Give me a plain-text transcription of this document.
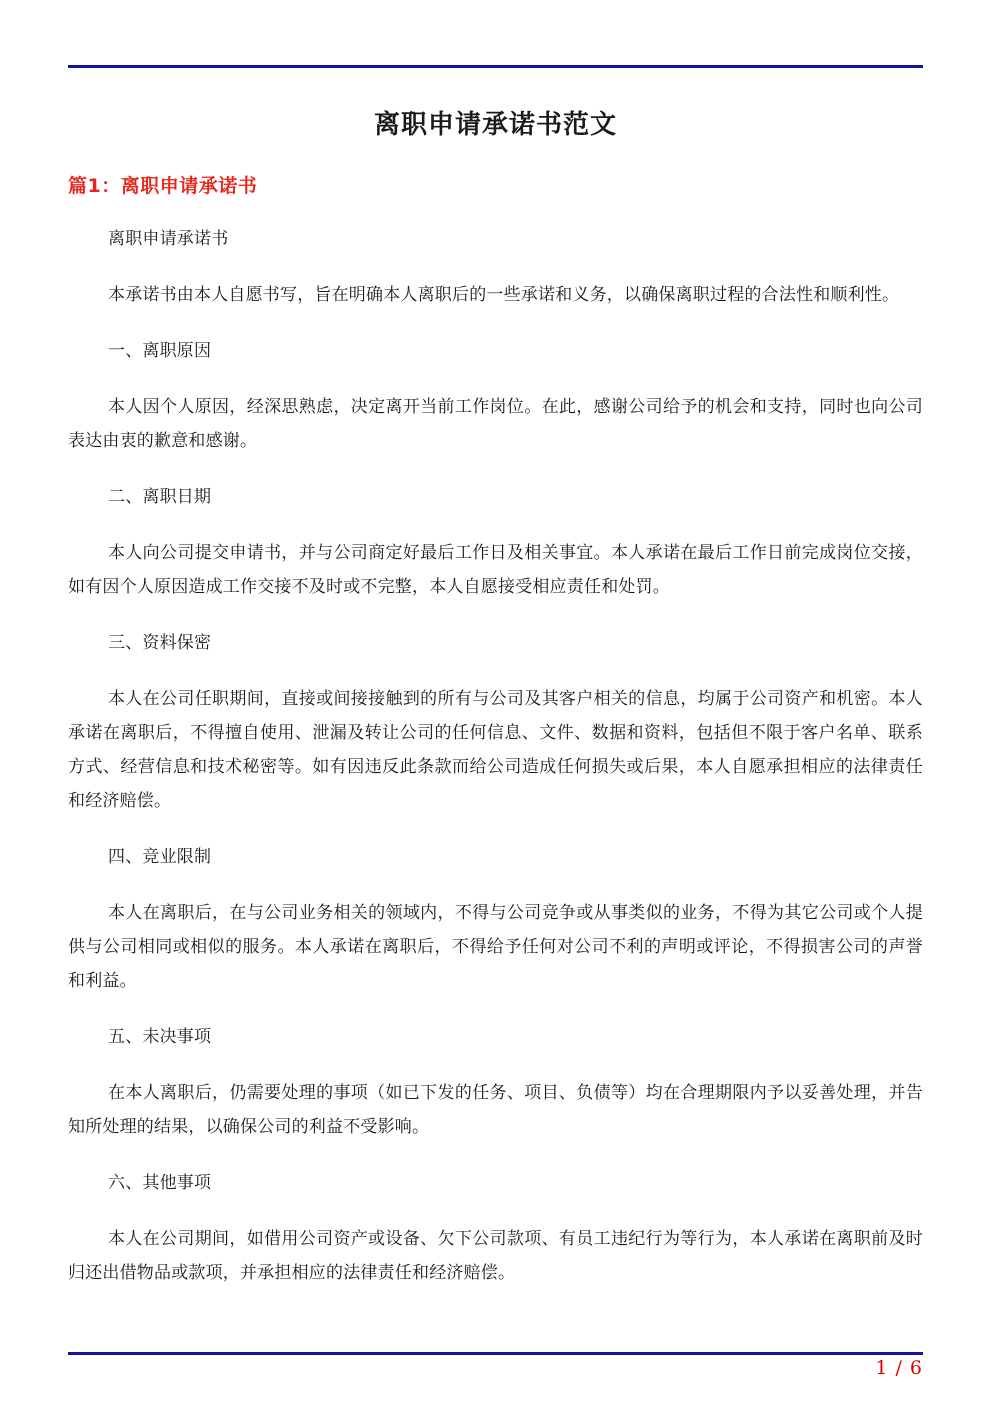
离职申请承诺书范文
篇1：离职申请承诺书

离职申请承诺书

本承诺书由本人自愿书写，旨在明确本人离职后的一些承诺和义务，以确保离职过程的合法性和顺利性。

一、离职原因

本人因个人原因，经深思熟虑，决定离开当前工作岗位。在此，感谢公司给予的机会和支持，同时也向公司表达由衷的歉意和感谢。

二、离职日期

本人向公司提交申请书，并与公司商定好最后工作日及相关事宜。本人承诺在最后工作日前完成岗位交接，如有因个人原因造成工作交接不及时或不完整，本人自愿接受相应责任和处罚。

三、资料保密

本人在公司任职期间，直接或间接接触到的所有与公司及其客户相关的信息，均属于公司资产和机密。本人承诺在离职后，不得擅自使用、泄漏及转让公司的任何信息、文件、数据和资料，包括但不限于客户名单、联系方式、经营信息和技术秘密等。如有因违反此条款而给公司造成任何损失或后果，本人自愿承担相应的法律责任和经济赔偿。

四、竞业限制

本人在离职后，在与公司业务相关的领域内，不得与公司竞争或从事类似的业务，不得为其它公司或个人提供与公司相同或相似的服务。本人承诺在离职后，不得给予任何对公司不利的声明或评论，不得损害公司的声誉和利益。

五、未决事项

在本人离职后，仍需要处理的事项（如已下发的任务、项目、负债等）均在合理期限内予以妥善处理，并告知所处理的结果，以确保公司的利益不受影响。

六、其他事项

本人在公司期间，如借用公司资产或设备、欠下公司款项、有员工违纪行为等行为，本人承诺在离职前及时归还出借物品或款项，并承担相应的法律责任和经济赔偿。

1 / 6
